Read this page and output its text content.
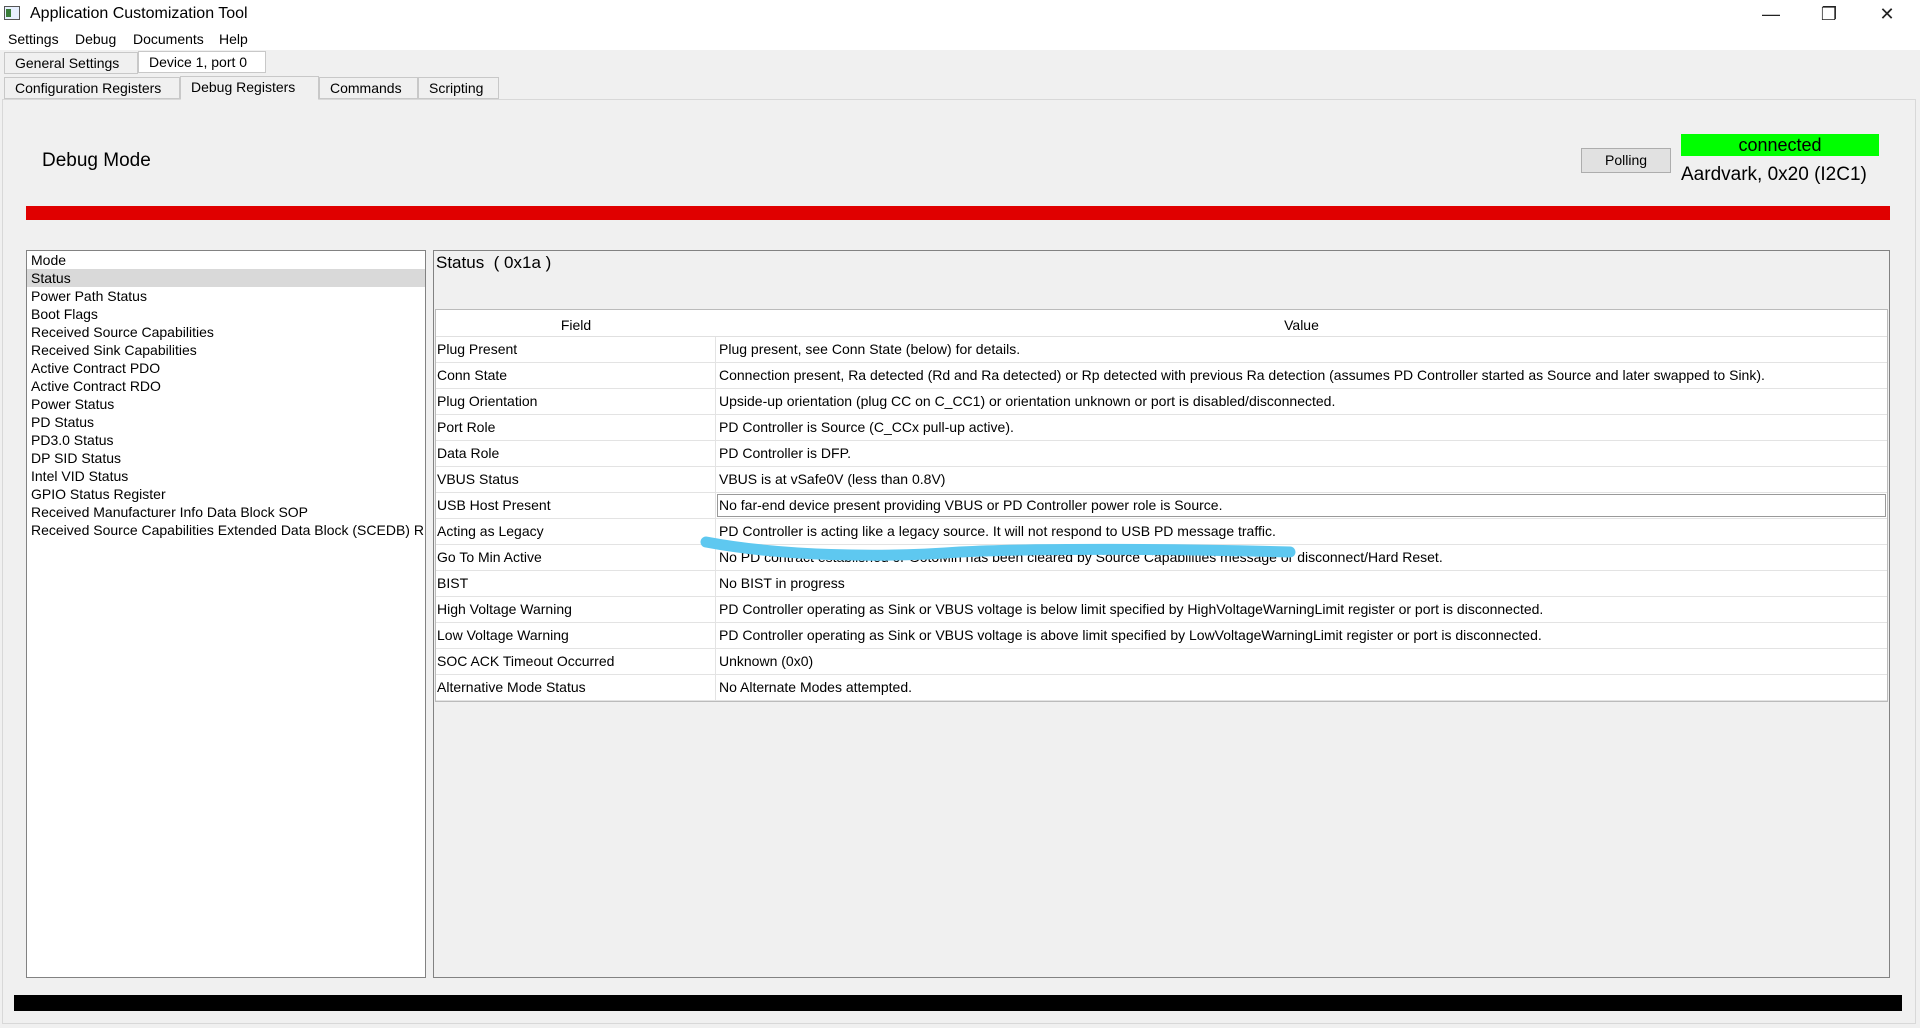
Application Customization Tool	—	❐	✕
Settings Debug Documents Help
General Settings	Device 1, port 0
Configuration Registers	Debug Registers	Commands	Scripting
Debug Mode	Polling
connected
Aardvark, 0x20 (I2C1)
Mode
Status
Power Path Status
Boot Flags
Received Source Capabilities
Received Sink Capabilities
Active Contract PDO
Active Contract RDO
Power Status
PD Status
PD3.0 Status
DP SID Status
Intel VID Status
GPIO Status Register
Received Manufacturer Info Data Block SOP
Received Source Capabilities Extended Data Block (SCEDB) R
Status ( 0x1a )
Field	Value
Plug Present	Plug present, see Conn State (below) for details.
Conn State	Connection present, Ra detected (Rd and Ra detected) or Rp detected with previous Ra detection (assumes PD Controller started as Source and later swapped to Sink).
Plug Orientation	Upside-up orientation (plug CC on C_CC1) or orientation unknown or port is disabled/disconnected.
Port Role	PD Controller is Source (C_CCx pull-up active).
Data Role	PD Controller is DFP.
VBUS Status	VBUS is at vSafe0V (less than 0.8V)
USB Host Present	No far-end device present providing VBUS or PD Controller power role is Source.
Acting as Legacy	PD Controller is acting like a legacy source. It will not respond to USB PD message traffic.
Go To Min Active	No PD contract established or GotoMin has been cleared by Source Capabilities message or disconnect/Hard Reset.
BIST	No BIST in progress
High Voltage Warning	PD Controller operating as Sink or VBUS voltage is below limit specified by HighVoltageWarningLimit register or port is disconnected.
Low Voltage Warning	PD Controller operating as Sink or VBUS voltage is above limit specified by LowVoltageWarningLimit register or port is disconnected.
SOC ACK Timeout Occurred	Unknown (0x0)
Alternative Mode Status	No Alternate Modes attempted.
